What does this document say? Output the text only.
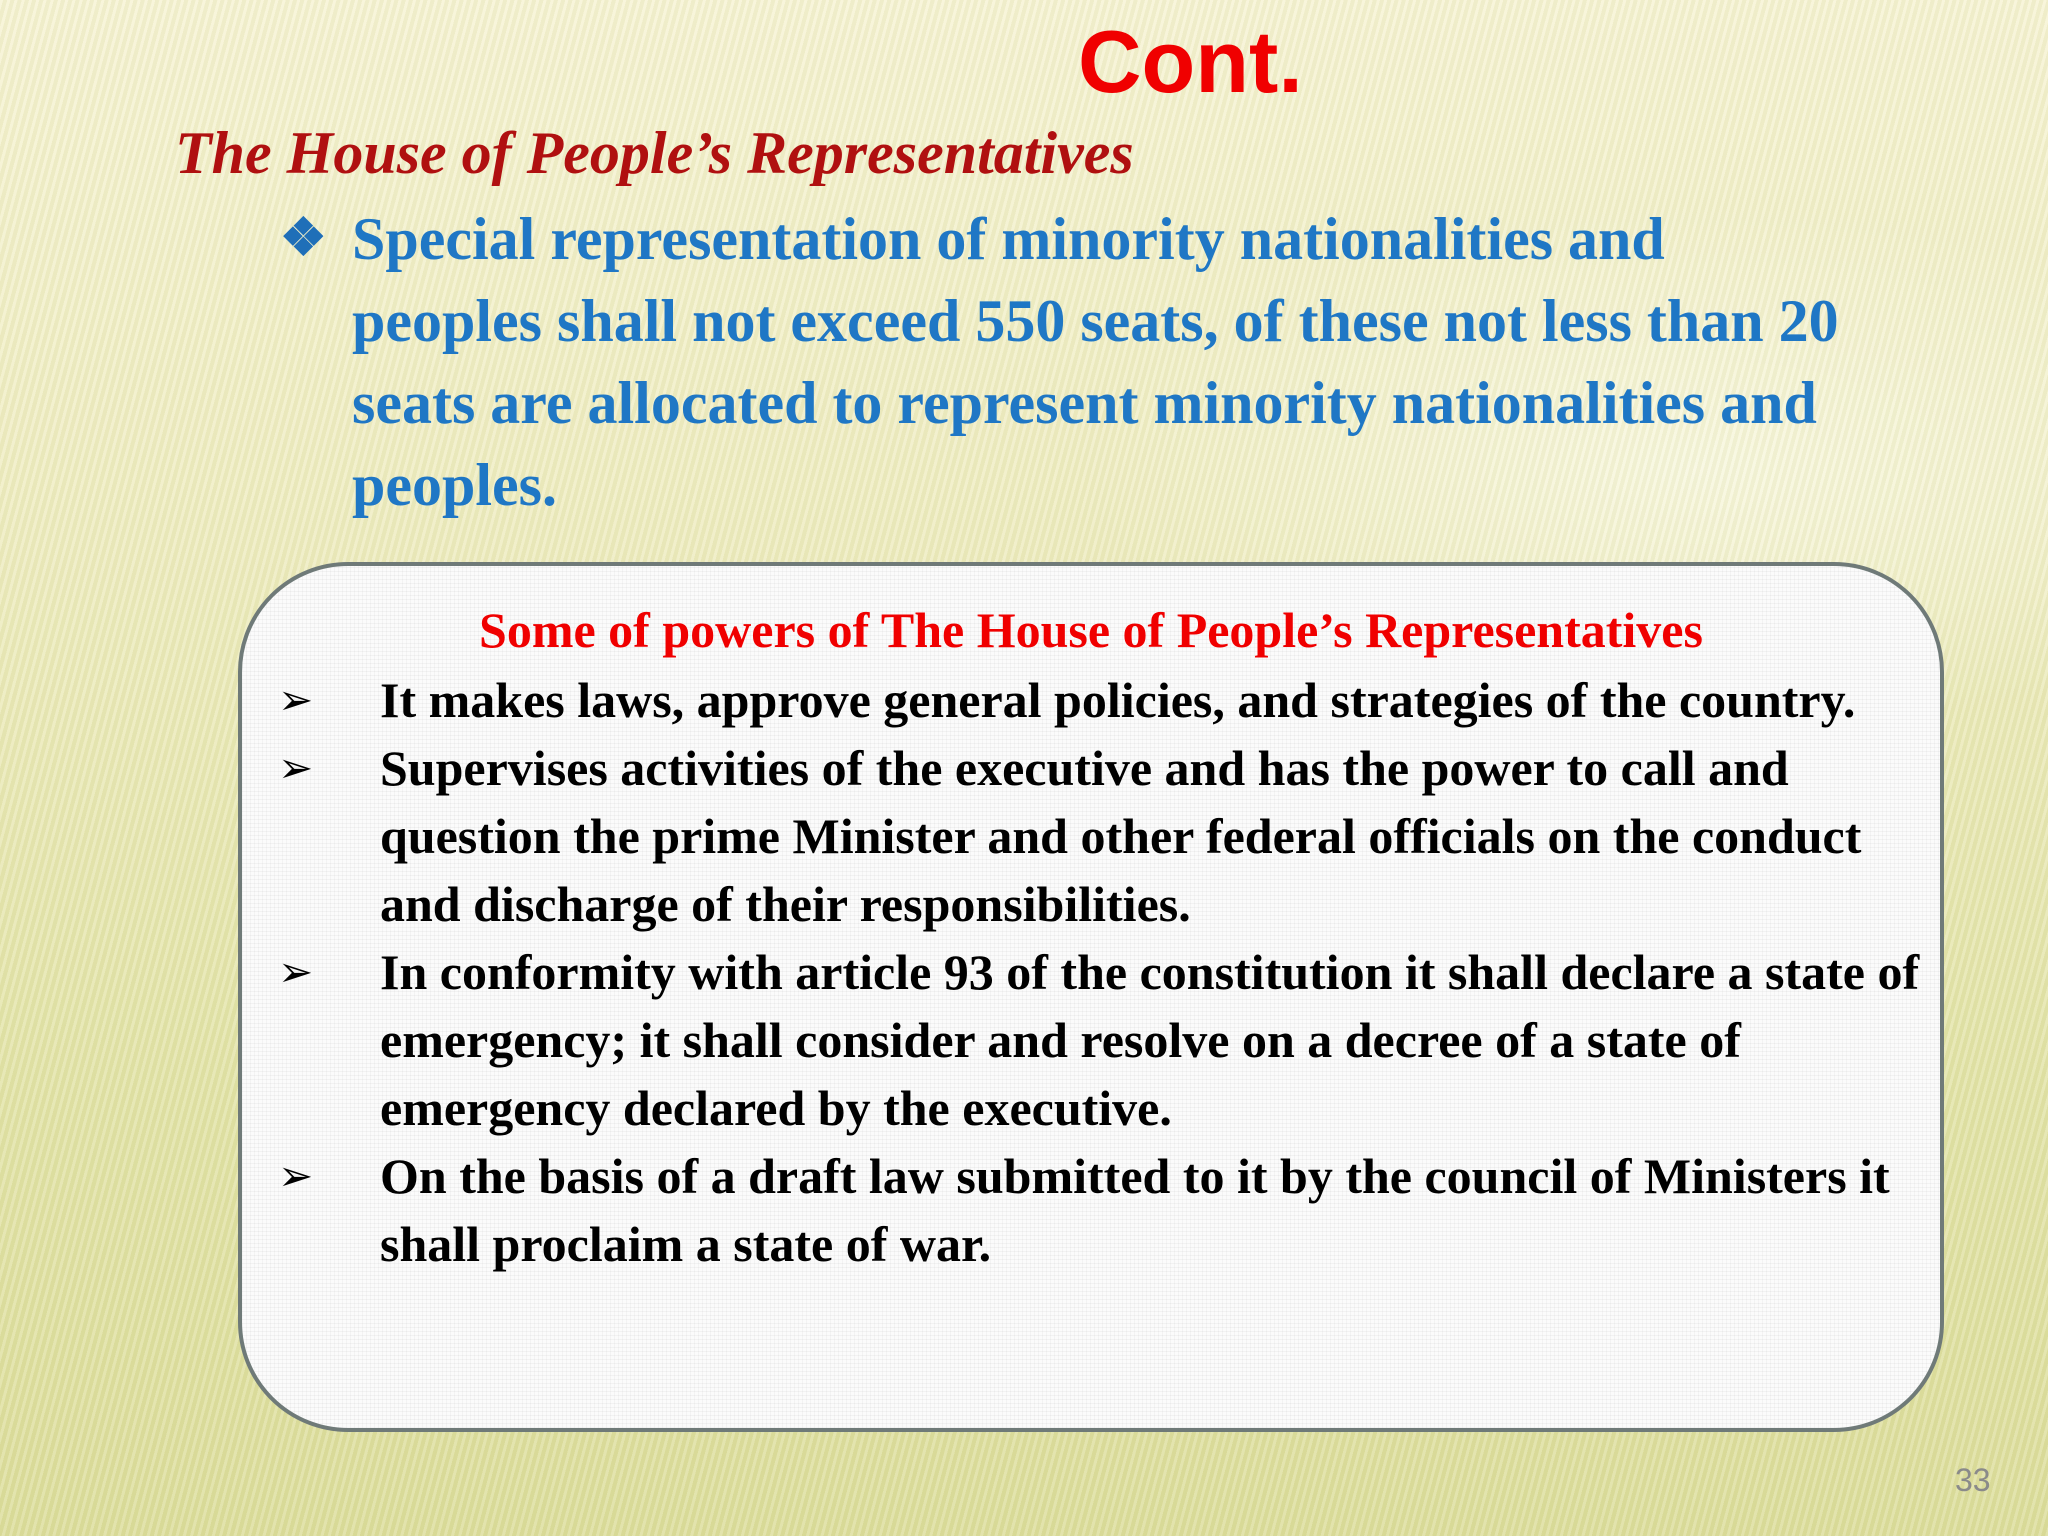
Cont.
The House of People’s Representatives
❖ Special representation of minority nationalities and peoples shall not exceed 550 seats, of these not less than 20 seats are allocated to represent minority nationalities and peoples.
Some of powers of The House of People’s Representatives
➢ It makes laws, approve general policies, and strategies of the country.
➢ Supervises activities of the executive and has the power to call and question the prime Minister and other federal officials on the conduct and discharge of their responsibilities.
➢ In conformity with article 93 of the constitution it shall declare a state of emergency; it shall consider and resolve on a decree of a state of emergency declared by the executive.
➢ On the basis of a draft law submitted to it by the council of Ministers it shall proclaim a state of war.
33
